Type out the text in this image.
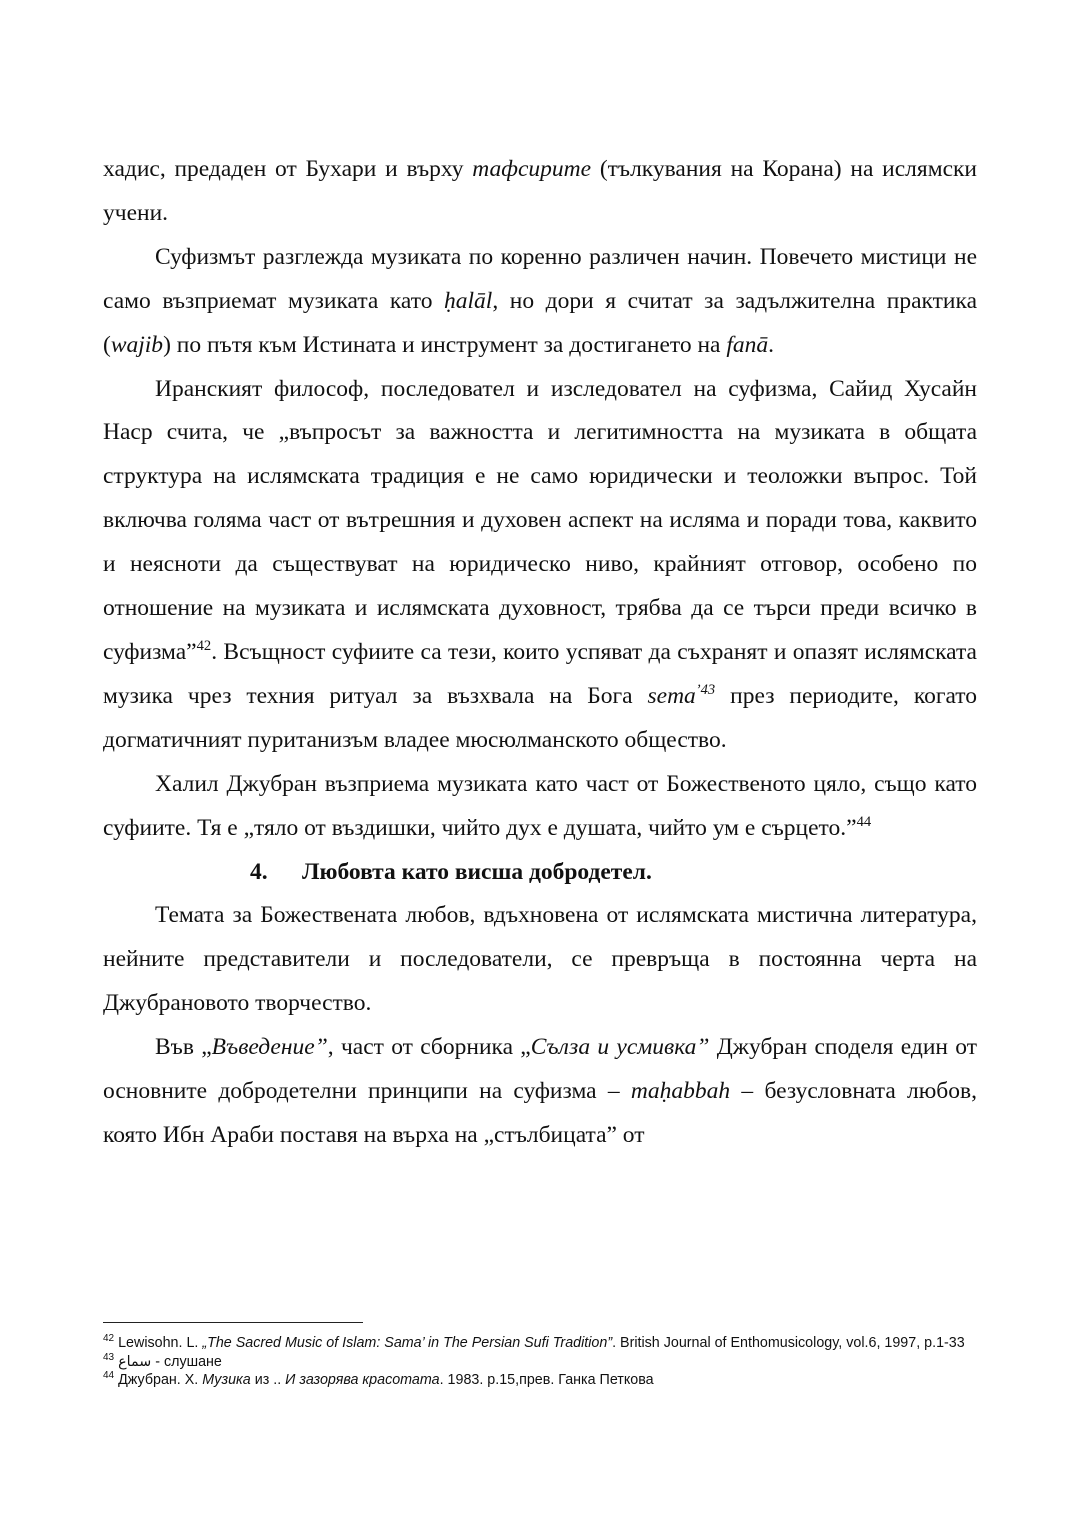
хадис, предаден от Бухари и върху тафсирите (тълкувания на Корана) на ислямски учени.

Суфизмът разглежда музиката по коренно различен начин. Повечето мистици не само възприемат музиката като ḥalāl, но дори я считат за задължителна практика (wajib) по пътя към Истината и инструмент за достигането на fanā.

Иранският философ, последовател и изследовател на суфизма, Сайид Хусайн Наср счита, че „въпросът за важността и легитимността на музиката в общата структура на ислямската традиция е не само юридически и теоложки въпрос. Той включва голяма част от вътрешния и духовен аспект на исляма и поради това, каквито и неясноти да съществуват на юридическо ниво, крайният отговор, особено по отношение на музиката и ислямската духовност, трябва да се търси преди всичко в суфизма”$^{42}$. Всъщност суфиите са тези, които успяват да съхранят и опазят ислямската музика чрез техния ритуал за възхвала на Бога sema$^{’43}$ през периодите, когато догматичният пуританизъм владее мюсюлманското общество.

Халил Джубран възприема музиката като част от Божественото цяло, също като суфиите. Тя е „тяло от въздишки, чийто дух е душата, чийто ум е сърцето.”$^{44}$

4. Любовта като висша добродетел.

Темата за Божествената любов, вдъхновена от ислямската мистична литература, нейните представители и последователи, се превръща в постоянна черта на Джубрановото творчество.

Във „Въведение”, част от сборника „Сълза и усмивка” Джубран споделя един от основните добродетелни принципи на суфизма – maḥabbah – безусловната любов, която Ибн Араби поставя на върха на „стълбицата” от

$^{42}$ Lewisohn. L. „The Sacred Music of Islam: Sama’ in The Persian Sufi Tradition”. British Journal of Enthomusicology, vol.6, 1997, p.1-33

$^{43}$ سماع - слушане

$^{44}$ Джубран. Х. Музика из .. И зазорява красотата. 1983. p.15,прев. Ганка Петкова
